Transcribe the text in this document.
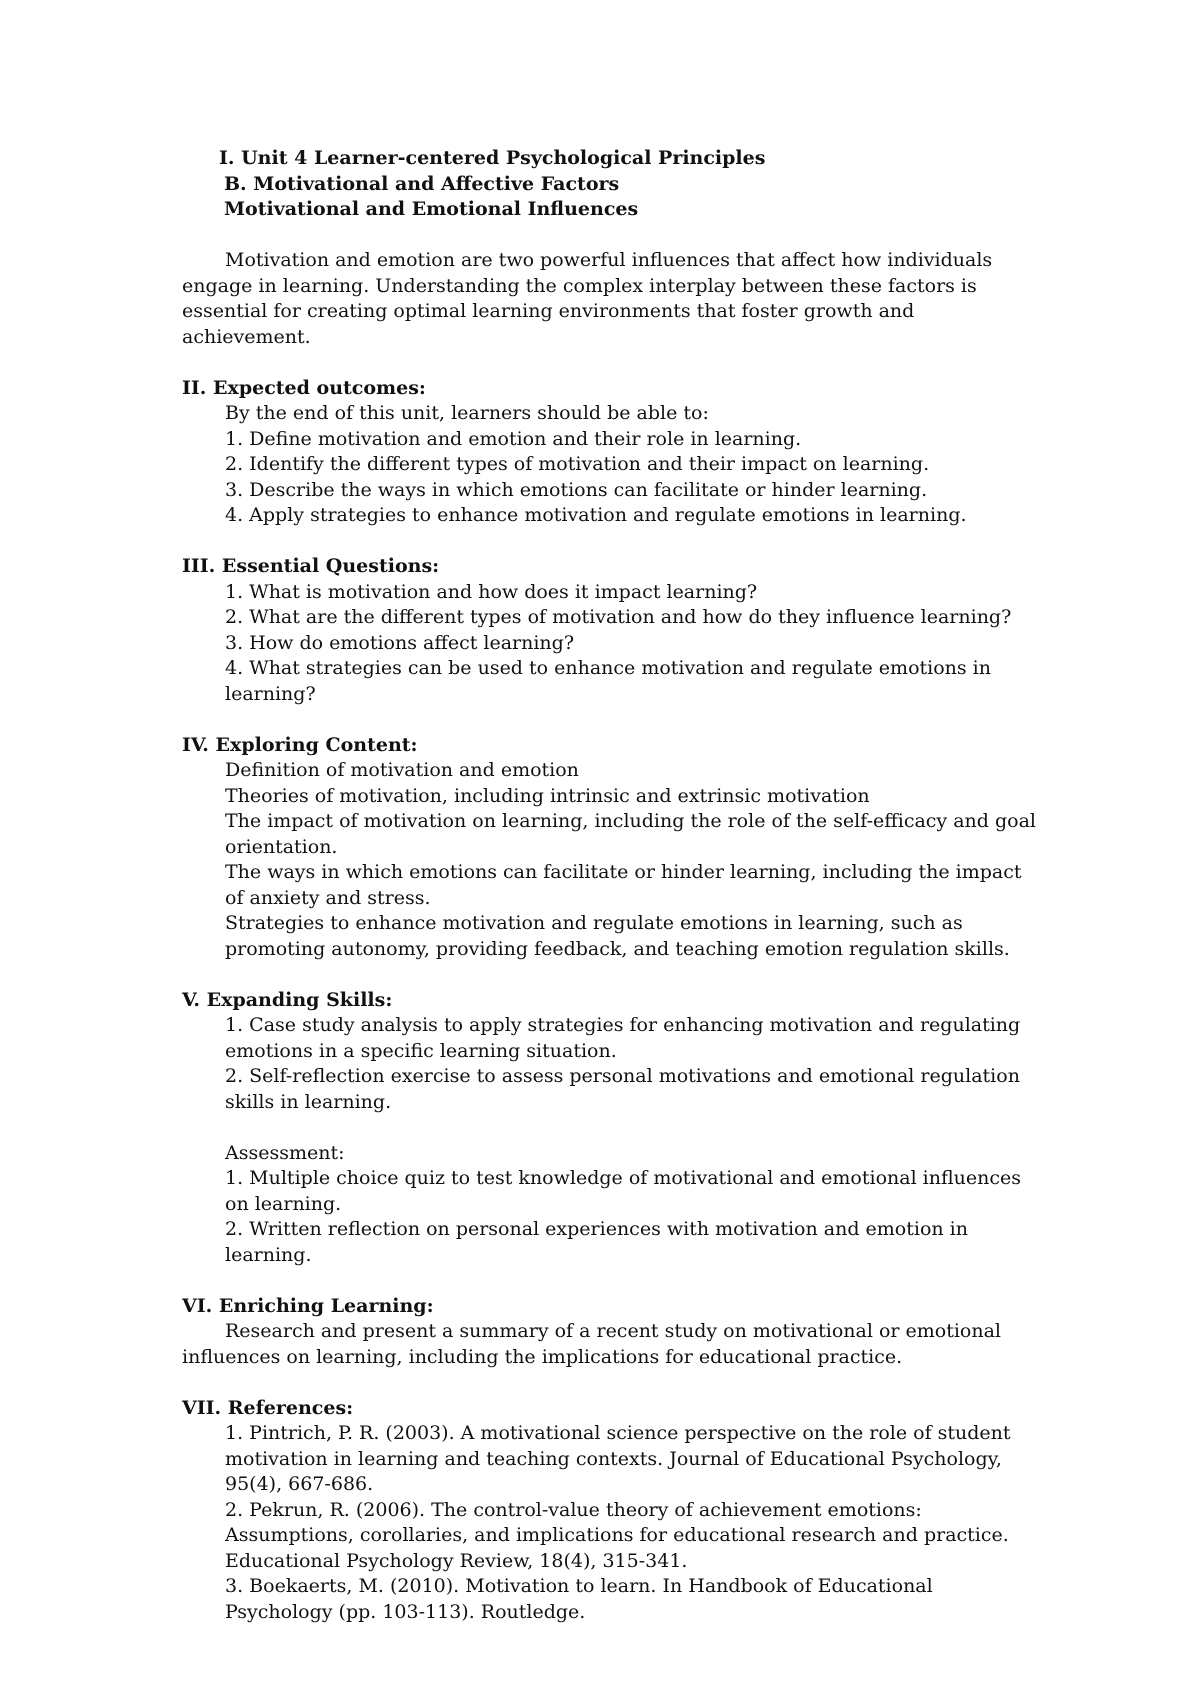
I. Unit 4 Learner-centered Psychological Principles
B. Motivational and Affective Factors
Motivational and Emotional Influences

Motivation and emotion are two powerful influences that affect how individuals engage in learning. Understanding the complex interplay between these factors is essential for creating optimal learning environments that foster growth and achievement.

II. Expected outcomes:
By the end of this unit, learners should be able to:
1. Define motivation and emotion and their role in learning.
2. Identify the different types of motivation and their impact on learning.
3. Describe the ways in which emotions can facilitate or hinder learning.
4. Apply strategies to enhance motivation and regulate emotions in learning.
III. Essential Questions:
1. What is motivation and how does it impact learning?
2. What are the different types of motivation and how do they influence learning?
3. How do emotions affect learning?
4. What strategies can be used to enhance motivation and regulate emotions in learning?
IV. Exploring Content:
Definition of motivation and emotion
Theories of motivation, including intrinsic and extrinsic motivation
The impact of motivation on learning, including the role of the self-efficacy and goal orientation.
The ways in which emotions can facilitate or hinder learning, including the impact of anxiety and stress.
Strategies to enhance motivation and regulate emotions in learning, such as promoting autonomy, providing feedback, and teaching emotion regulation skills.
V. Expanding Skills:
1. Case study analysis to apply strategies for enhancing motivation and regulating emotions in a specific learning situation.
2. Self-reflection exercise to assess personal motivations and emotional regulation skills in learning.
Assessment:
1. Multiple choice quiz to test knowledge of motivational and emotional influences on learning.
2. Written reflection on personal experiences with motivation and emotion in learning.
VI. Enriching Learning:

Research and present a summary of a recent study on motivational or emotional influences on learning, including the implications for educational practice.

VII. References:
1. Pintrich, P. R. (2003). A motivational science perspective on the role of student motivation in learning and teaching contexts. Journal of Educational Psychology, 95(4), 667-686.
2. Pekrun, R. (2006). The control-value theory of achievement emotions: Assumptions, corollaries, and implications for educational research and practice. Educational Psychology Review, 18(4), 315-341.
3. Boekaerts, M. (2010). Motivation to learn. In Handbook of Educational Psychology (pp. 103-113). Routledge.
